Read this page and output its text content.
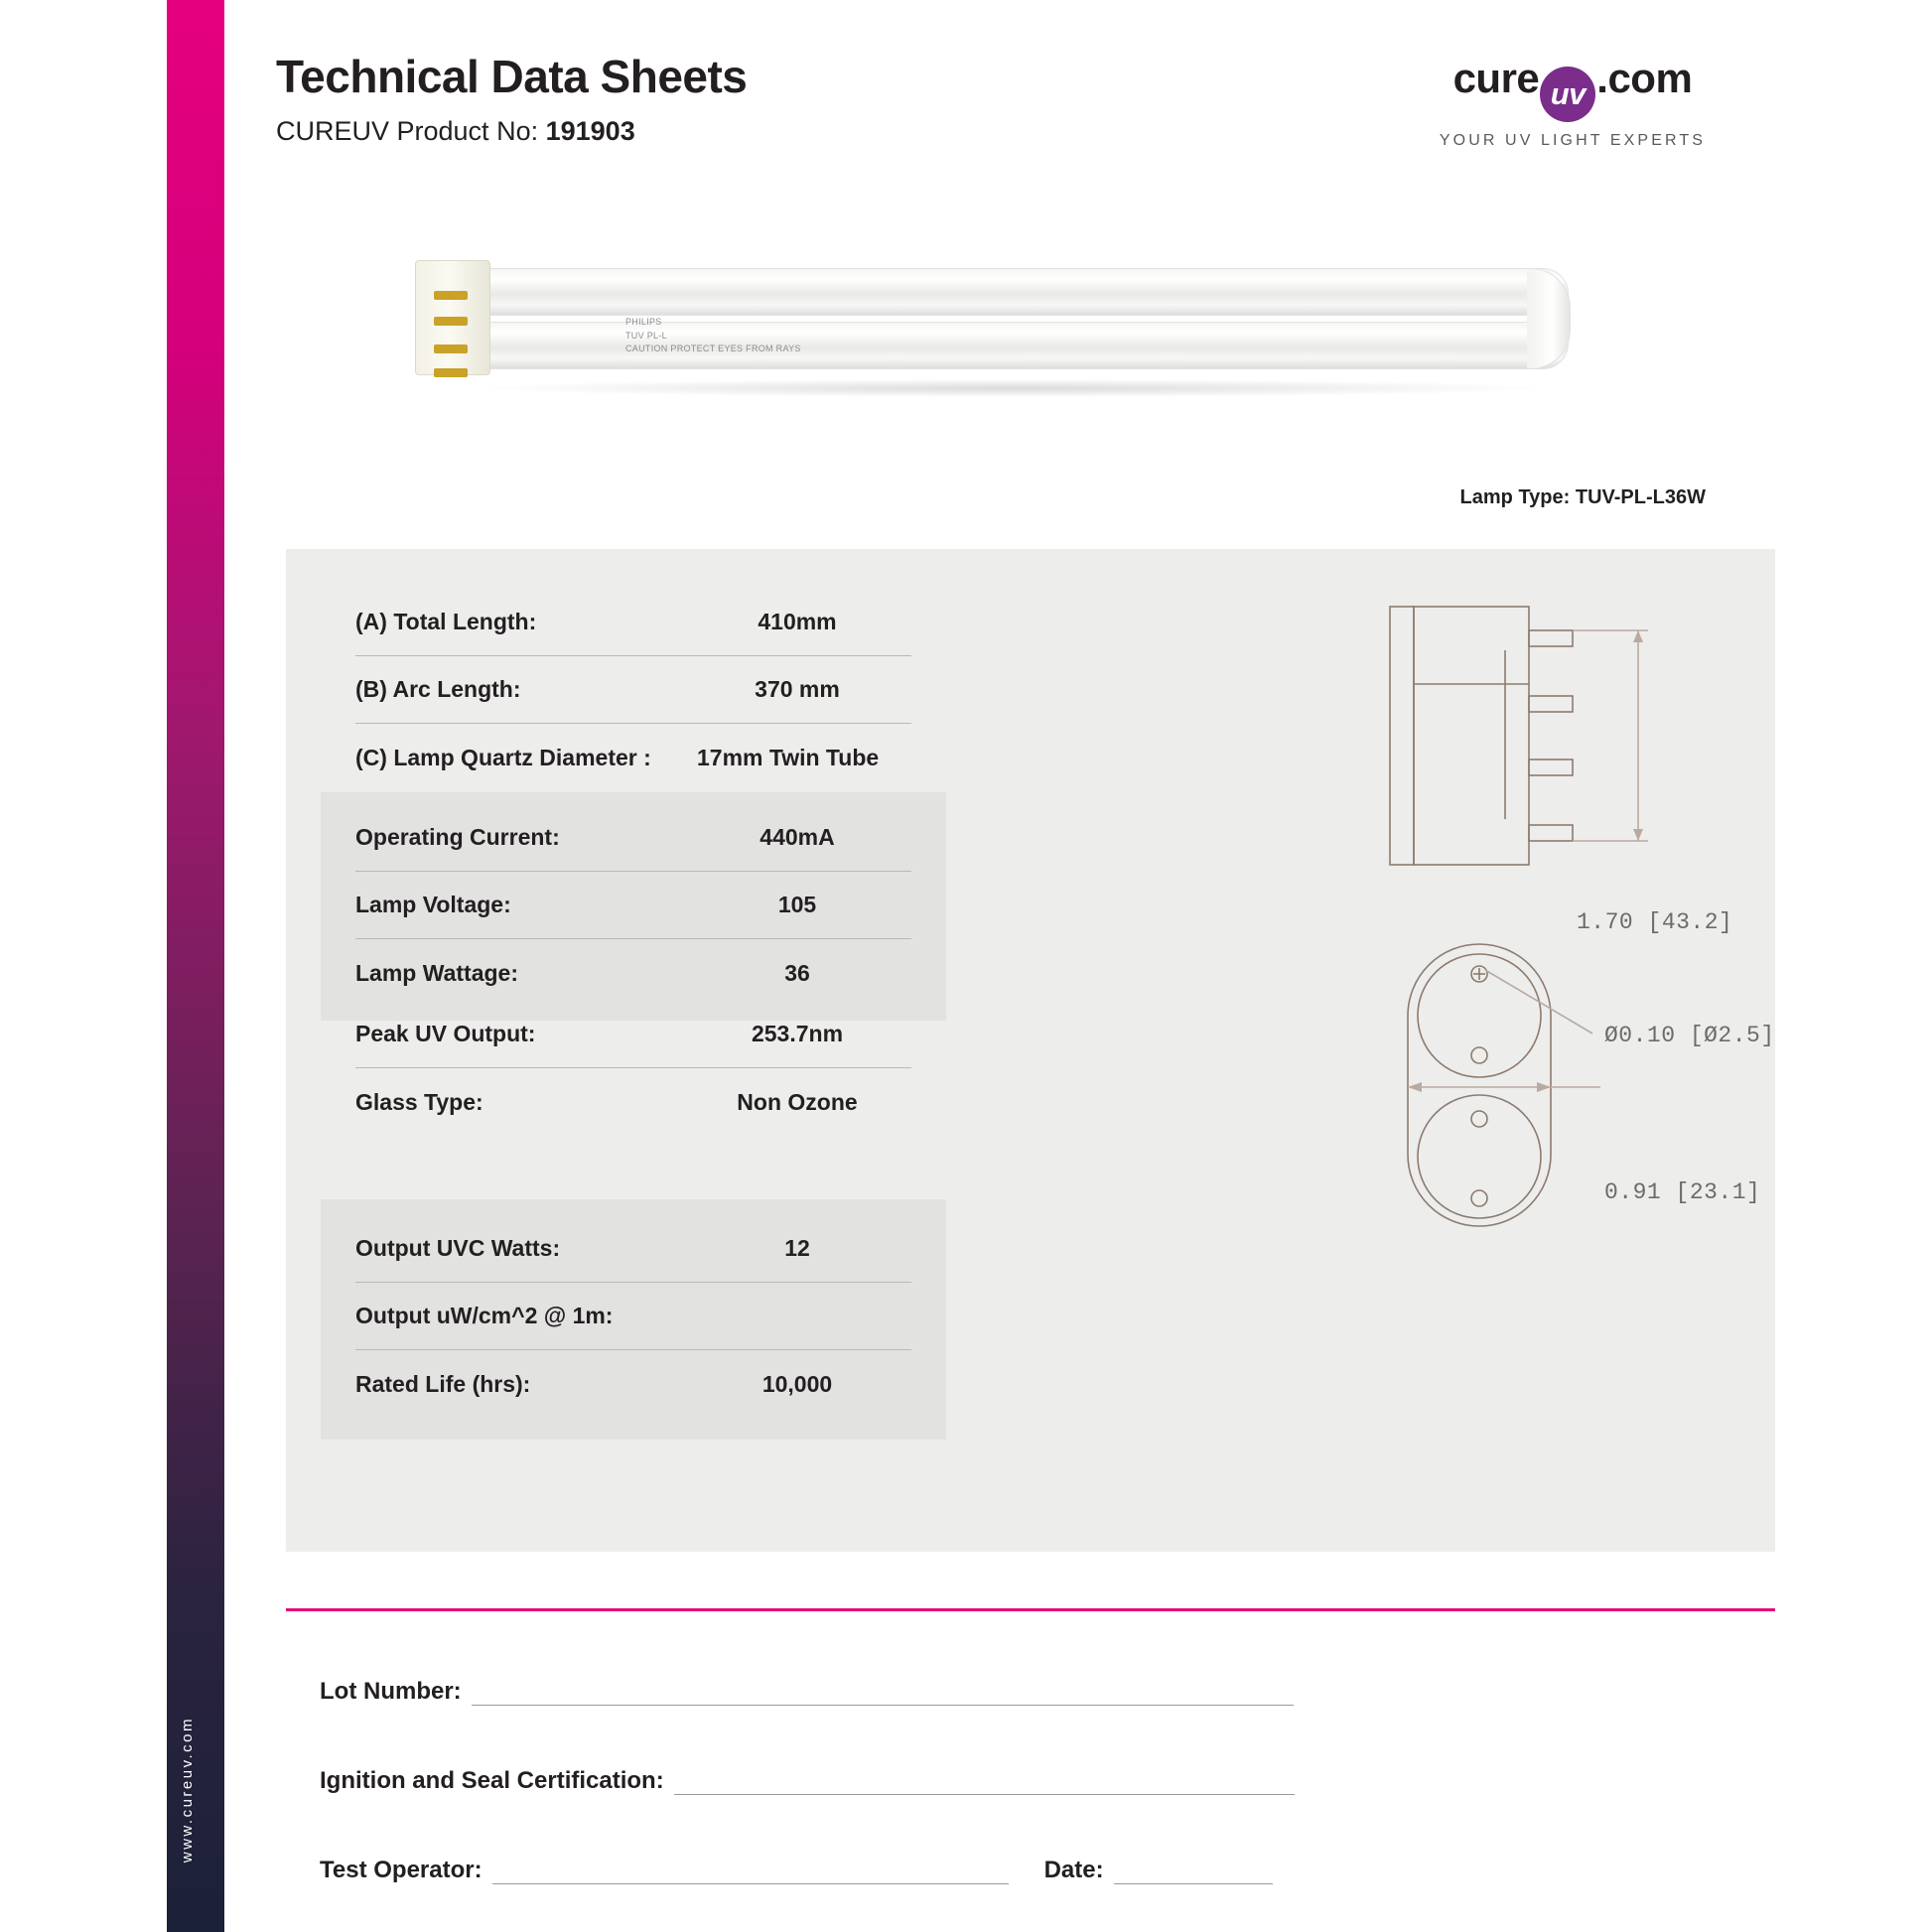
www.cureuv.com
Technical Data Sheets
CUREUV Product No: 191903
cure uv .com
YOUR UV LIGHT EXPERTS
PHILIPS
TUV PL-L
CAUTION PROTECT EYES FROM RAYS
Lamp Type: TUV-PL-L36W
(A) Total Length:	410mm
(B) Arc Length:	370 mm
(C) Lamp Quartz Diameter :	17mm Twin Tube
Operating Current:	440mA
Lamp Voltage:	105
Lamp Wattage:	36
Peak UV Output:	253.7nm
Glass Type:	Non Ozone
Output UVC Watts:	12
Output uW/cm^2 @ 1m:
Rated Life (hrs):	10,000
1.70 [43.2]
Ø0.10 [Ø2.5]
0.91 [23.1]
Lot Number:
Ignition and Seal Certification:
Test Operator:	Date:
